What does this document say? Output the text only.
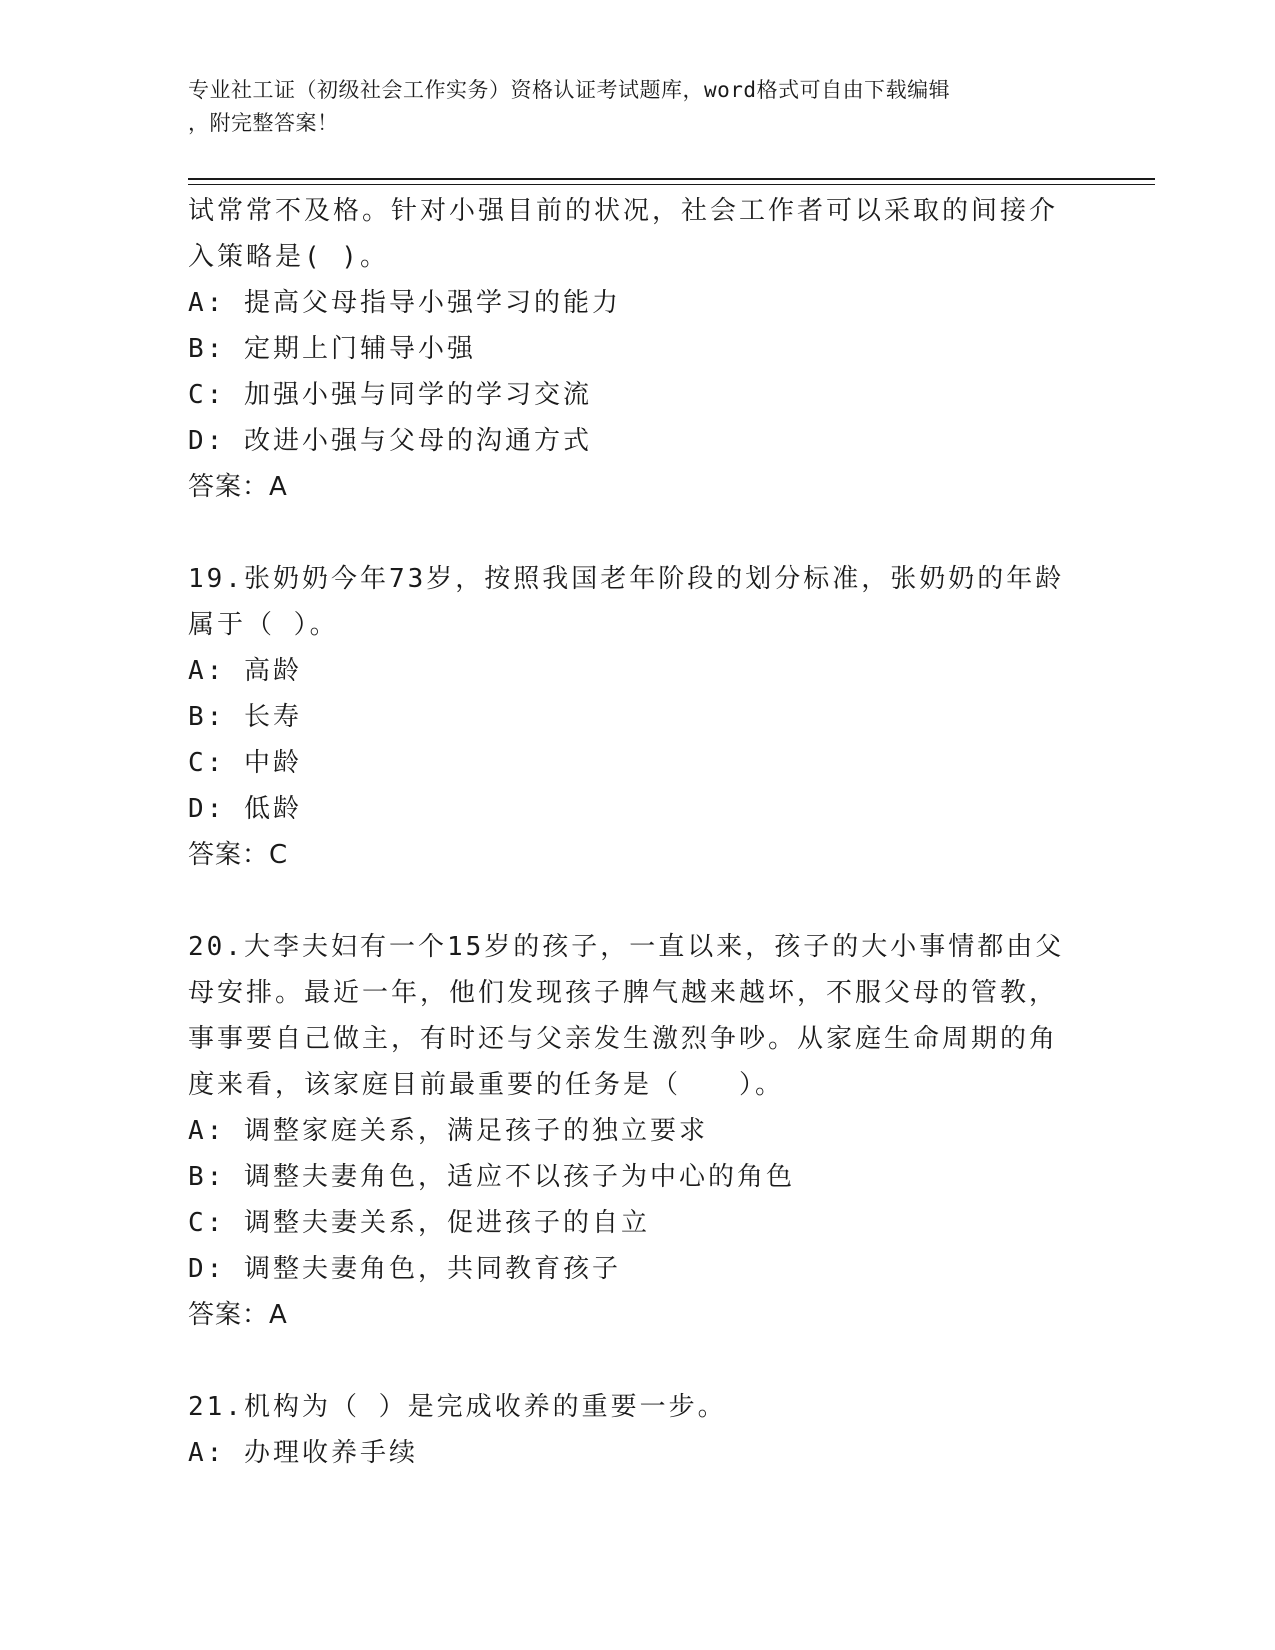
专业社工证（初级社会工作实务）资格认证考试题库，word格式可自由下载编辑
，附完整答案！
试常常不及格。针对小强目前的状况，社会工作者可以采取的间接介
入策略是( )。
A: 提高父母指导小强学习的能力
B: 定期上门辅导小强
C: 加强小强与同学的学习交流
D: 改进小强与父母的沟通方式
答案：A
19.张奶奶今年73岁，按照我国老年阶段的划分标准，张奶奶的年龄
属于（ ）。
A: 高龄
B: 长寿
C: 中龄
D: 低龄
答案：C
20.大李夫妇有一个15岁的孩子，一直以来，孩子的大小事情都由父
母安排。最近一年，他们发现孩子脾气越来越坏，不服父母的管教，
事事要自己做主，有时还与父亲发生激烈争吵。从家庭生命周期的角
度来看，该家庭目前最重要的任务是（　　）。
A: 调整家庭关系，满足孩子的独立要求
B: 调整夫妻角色，适应不以孩子为中心的角色
C: 调整夫妻关系，促进孩子的自立
D: 调整夫妻角色，共同教育孩子
答案：A
21.机构为（ ）是完成收养的重要一步。
A: 办理收养手续
